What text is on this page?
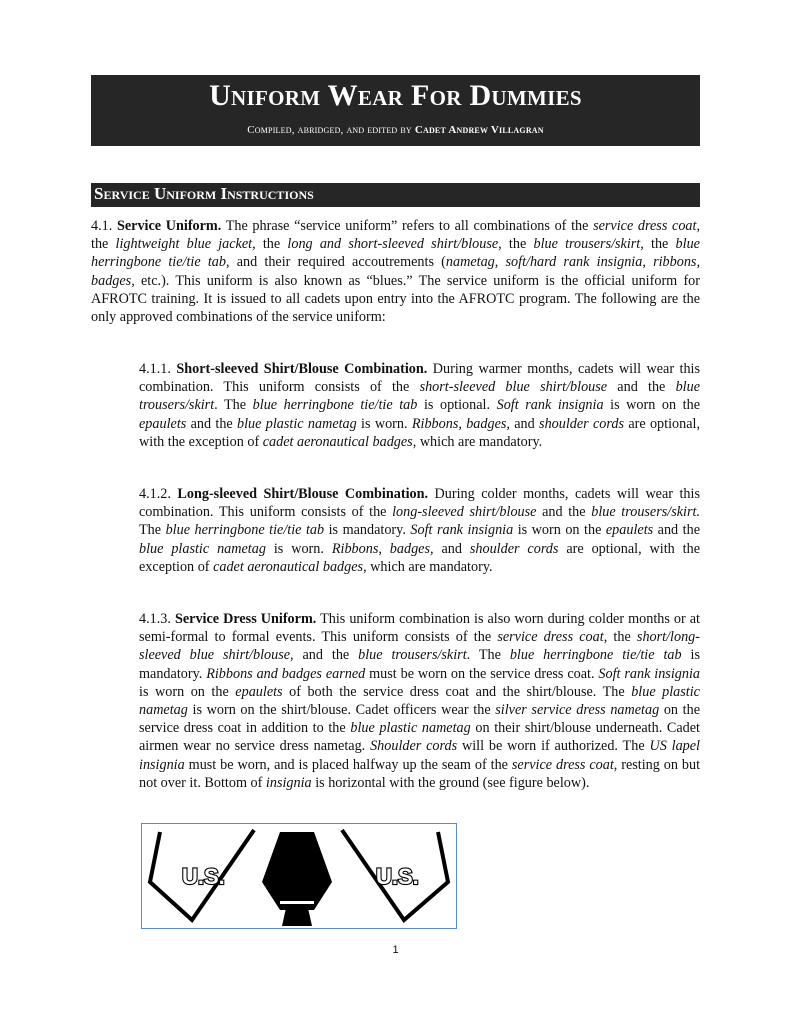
Uniform Wear For Dummies
Compiled, abridged, and edited by Cadet Andrew Villagran
Service Uniform Instructions

4.1. Service Uniform. The phrase “service uniform” refers to all combinations of the service dress coat, the lightweight blue jacket, the long and short-sleeved shirt/blouse, the blue trousers/skirt, the blue herringbone tie/tie tab, and their required accoutrements (nametag, soft/hard rank insignia, ribbons, badges, etc.). This uniform is also known as “blues.” The service uniform is the official uniform for AFROTC training. It is issued to all cadets upon entry into the AFROTC program. The following are the only approved combinations of the service uniform:

4.1.1. Short-sleeved Shirt/Blouse Combination. During warmer months, cadets will wear this combination. This uniform consists of the short-sleeved blue shirt/blouse and the blue trousers/skirt. The blue herringbone tie/tie tab is optional. Soft rank insignia is worn on the epaulets and the blue plastic nametag is worn. Ribbons, badges, and shoulder cords are optional, with the exception of cadet aeronautical badges, which are mandatory.

4.1.2. Long-sleeved Shirt/Blouse Combination. During colder months, cadets will wear this combination. This uniform consists of the long-sleeved shirt/blouse and the blue trousers/skirt. The blue herringbone tie/tie tab is mandatory. Soft rank insignia is worn on the epaulets and the blue plastic nametag is worn. Ribbons, badges, and shoulder cords are optional, with the exception of cadet aeronautical badges, which are mandatory.

4.1.3. Service Dress Uniform. This uniform combination is also worn during colder months or at semi-formal to formal events. This uniform consists of the service dress coat, the short/long-sleeved blue shirt/blouse, and the blue trousers/skirt. The blue herringbone tie/tie tab is mandatory. Ribbons and badges earned must be worn on the service dress coat. Soft rank insignia is worn on the epaulets of both the service dress coat and the shirt/blouse. The blue plastic nametag is worn on the shirt/blouse. Cadet officers wear the silver service dress nametag on the service dress coat in addition to the blue plastic nametag on their shirt/blouse underneath. Cadet airmen wear no service dress nametag. Shoulder cords will be worn if authorized. The US lapel insignia must be worn, and is placed halfway up the seam of the service dress coat, resting on but not over it. Bottom of insignia is horizontal with the ground (see figure below).

U.S.	U.S.
1
